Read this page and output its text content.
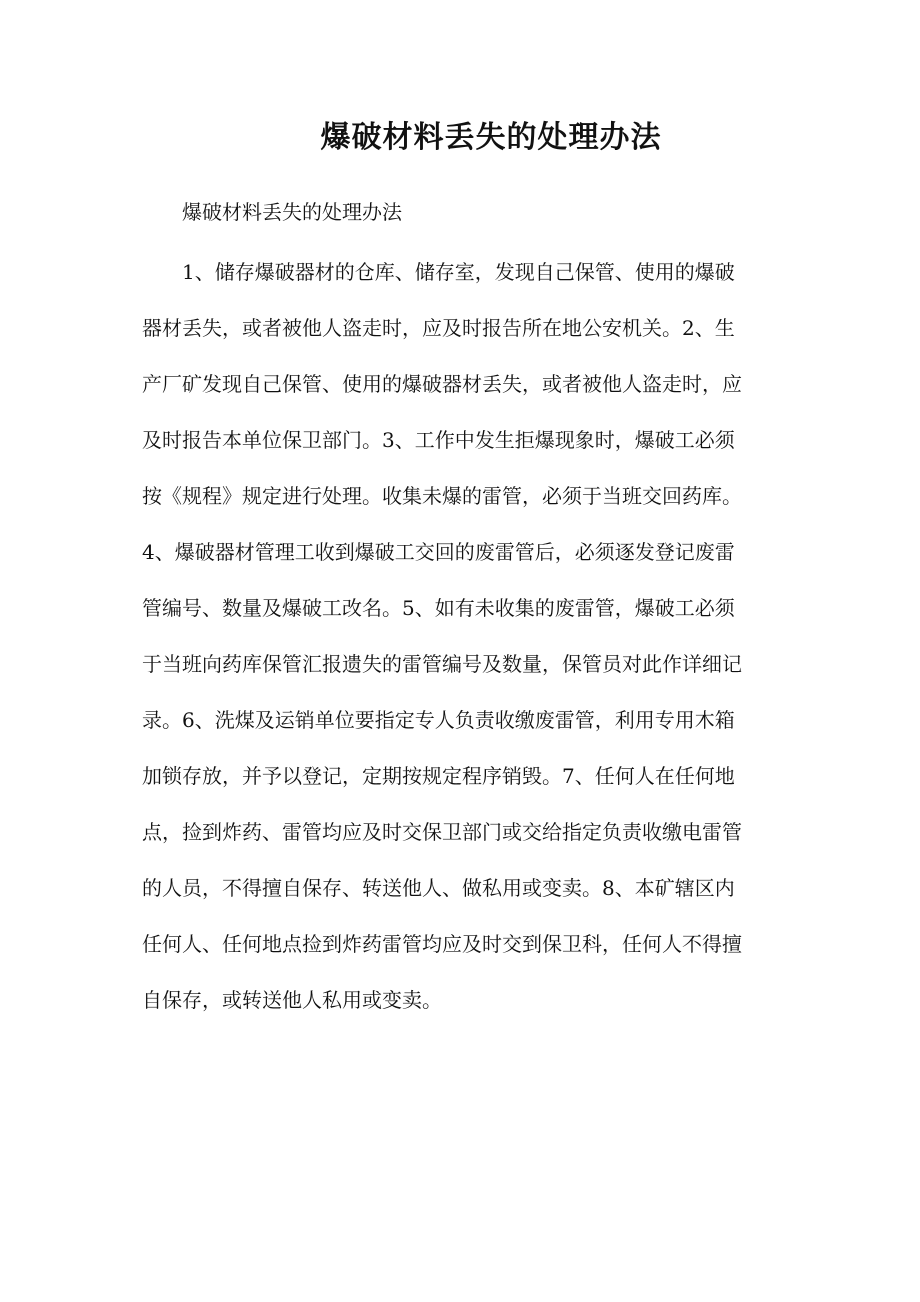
爆破材料丢失的处理办法

爆破材料丢失的处理办法

1、储存爆破器材的仓库、储存室，发现自己保管、使用的爆破

器材丢失，或者被他人盗走时，应及时报告所在地公安机关。2、生

产厂矿发现自己保管、使用的爆破器材丢失，或者被他人盗走时，应

及时报告本单位保卫部门。3、工作中发生拒爆现象时，爆破工必须

按《规程》规定进行处理。收集未爆的雷管，必须于当班交回药库。

4、爆破器材管理工收到爆破工交回的废雷管后，必须逐发登记废雷

管编号、数量及爆破工改名。5、如有未收集的废雷管，爆破工必须

于当班向药库保管汇报遗失的雷管编号及数量，保管员对此作详细记

录。6、洗煤及运销单位要指定专人负责收缴废雷管，利用专用木箱

加锁存放，并予以登记，定期按规定程序销毁。7、任何人在任何地

点，捡到炸药、雷管均应及时交保卫部门或交给指定负责收缴电雷管

的人员，不得擅自保存、转送他人、做私用或变卖。8、本矿辖区内

任何人、任何地点捡到炸药雷管均应及时交到保卫科，任何人不得擅

自保存，或转送他人私用或变卖。
